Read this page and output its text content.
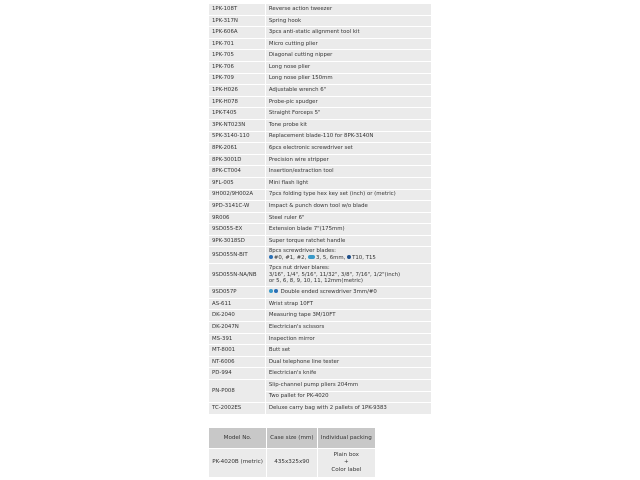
1PK-108T	Reverse action tweezer
1PK-317N	Spring hook
1PK-606A	3pcs anti-static alignment tool kit
1PK-701	Micro cutting plier
1PK-705	Diagonal cutting nipper
1PK-706	Long nose plier
1PK-709	Long nose plier 150mm
1PK-H026	Adjustable wrench 6"
1PK-H078	Probe-pic spudger
1PK-T405	Straight Forceps 5"
3PK-NT023N	Tone probe kit
5PK-3140-110	Replacement blade-110 for 8PK-3140N
8PK-2061	6pcs electronic screwdriver set
8PK-3001D	Precision wire stripper
8PK-CT004	Insertion/extraction tool
9FL-005	Mini flash light
9H002/9H002A	7pcs folding type hex key set (inch) or (metric)
9PD-3141C-W	Impact & punch down tool w/o blade
9R006	Steel ruler 6"
9SD055-EX	Extension blade 7"(175mm)
9PK-3018SD	Super torque ratchet handle
9SD055N-BIT	8pcs screwdriver blades:
#0, #1, #2, 3, 5, 6mm, T10, T15

9SD055N-NA/NB	7pcs nut driver blares:
3/16", 1/4", 5/16", 11/32", 3/8", 7/16", 1/2"(inch)
or 5, 6, 8, 9, 10, 11, 12mm(metric)

9SD057P	Double ended screwdriver 3mm/#0
AS-611	Wrist strap 10FT
DK-2040	Measuring tape 3M/10FT
DK-2047N	Electrician's scissors
MS-391	Inspection mirror
MT-8001	Butt set
NT-6006	Dual telephone line tester
PD-994	Electrician's knife
PN-P008	Slip-channel pump pliers 204mm
	Two pallet for PK-4020
TC-2002ES	Deluxe carry bag with 2 pallets of 1PK-9383
Model No.	Case size (mm)	Individual packing
PK-4020B (metric)	435x325x90	Plain box
+
Color label
